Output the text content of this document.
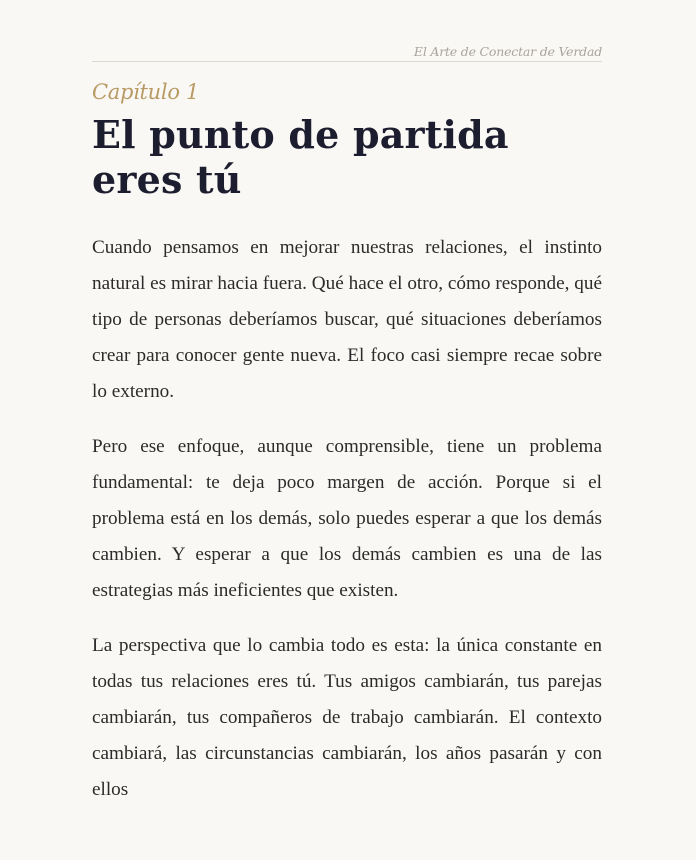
El Arte de Conectar de Verdad
Capítulo 1
El punto de partida eres tú

Cuando pensamos en mejorar nuestras relaciones, el instinto natural es mirar hacia fuera. Qué hace el otro, cómo responde, qué tipo de personas deberíamos buscar, qué situaciones deberíamos crear para conocer gente nueva. El foco casi siempre recae sobre lo externo.

Pero ese enfoque, aunque comprensible, tiene un problema fundamental: te deja poco margen de acción. Porque si el problema está en los demás, solo puedes esperar a que los demás cambien. Y esperar a que los demás cambien es una de las estrategias más ineficientes que existen.

La perspectiva que lo cambia todo es esta: la única constante en todas tus relaciones eres tú. Tus amigos cambiarán, tus parejas cambiarán, tus compañeros de trabajo cambiarán. El contexto cambiará, las circunstancias cambiarán, los años pasarán y con ellos
